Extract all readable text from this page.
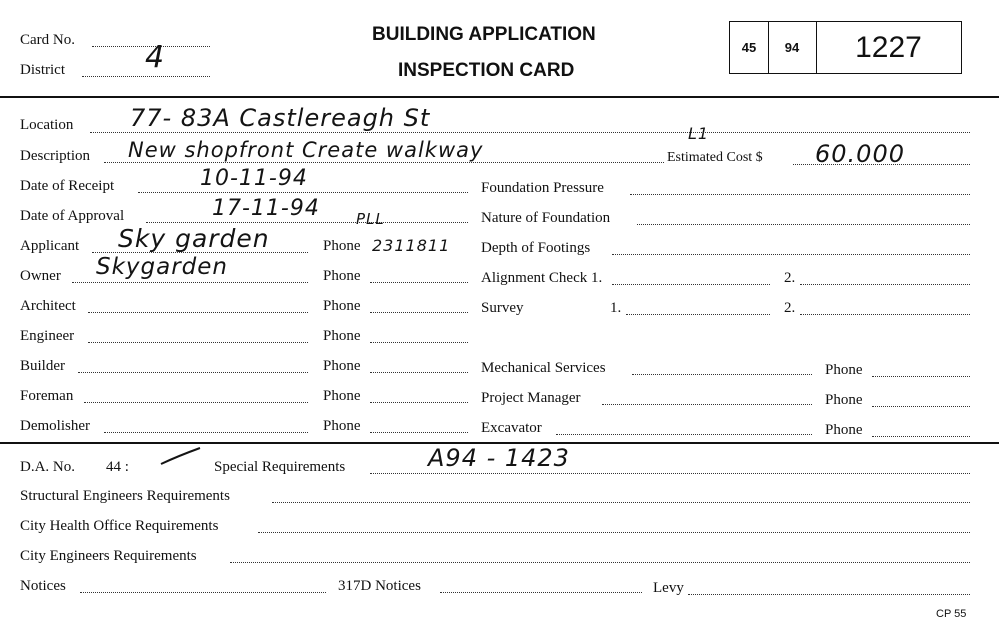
Card No.
District	4
BUILDING APPLICATION
INSPECTION CARD
45	94	1227
Location 77- 83A Castlereagh St
Description New shopfront Create walkway
L1
Estimated Cost $ 60.000
Date of Receipt	10-11-94	Foundation Pressure
Date of Approval	17-11-94 PLL	Nature of Foundation
Applicant Sky garden	Phone 2311811 Depth of Footings
Owner Skygarden	Phone	Alignment Check 1.	2.
Architect	Phone	Survey	1.	2.
Engineer	Phone
Builder	Phone	Mechanical Services	Phone
Foreman	Phone	Project Manager	Phone
Demolisher	Phone	Excavator	Phone
D.A. No. 44 :	Special Requirements	A94 - 1423
Structural Engineers Requirements
City Health Office Requirements
City Engineers Requirements
Notices	317D Notices	Levy
CP 55
